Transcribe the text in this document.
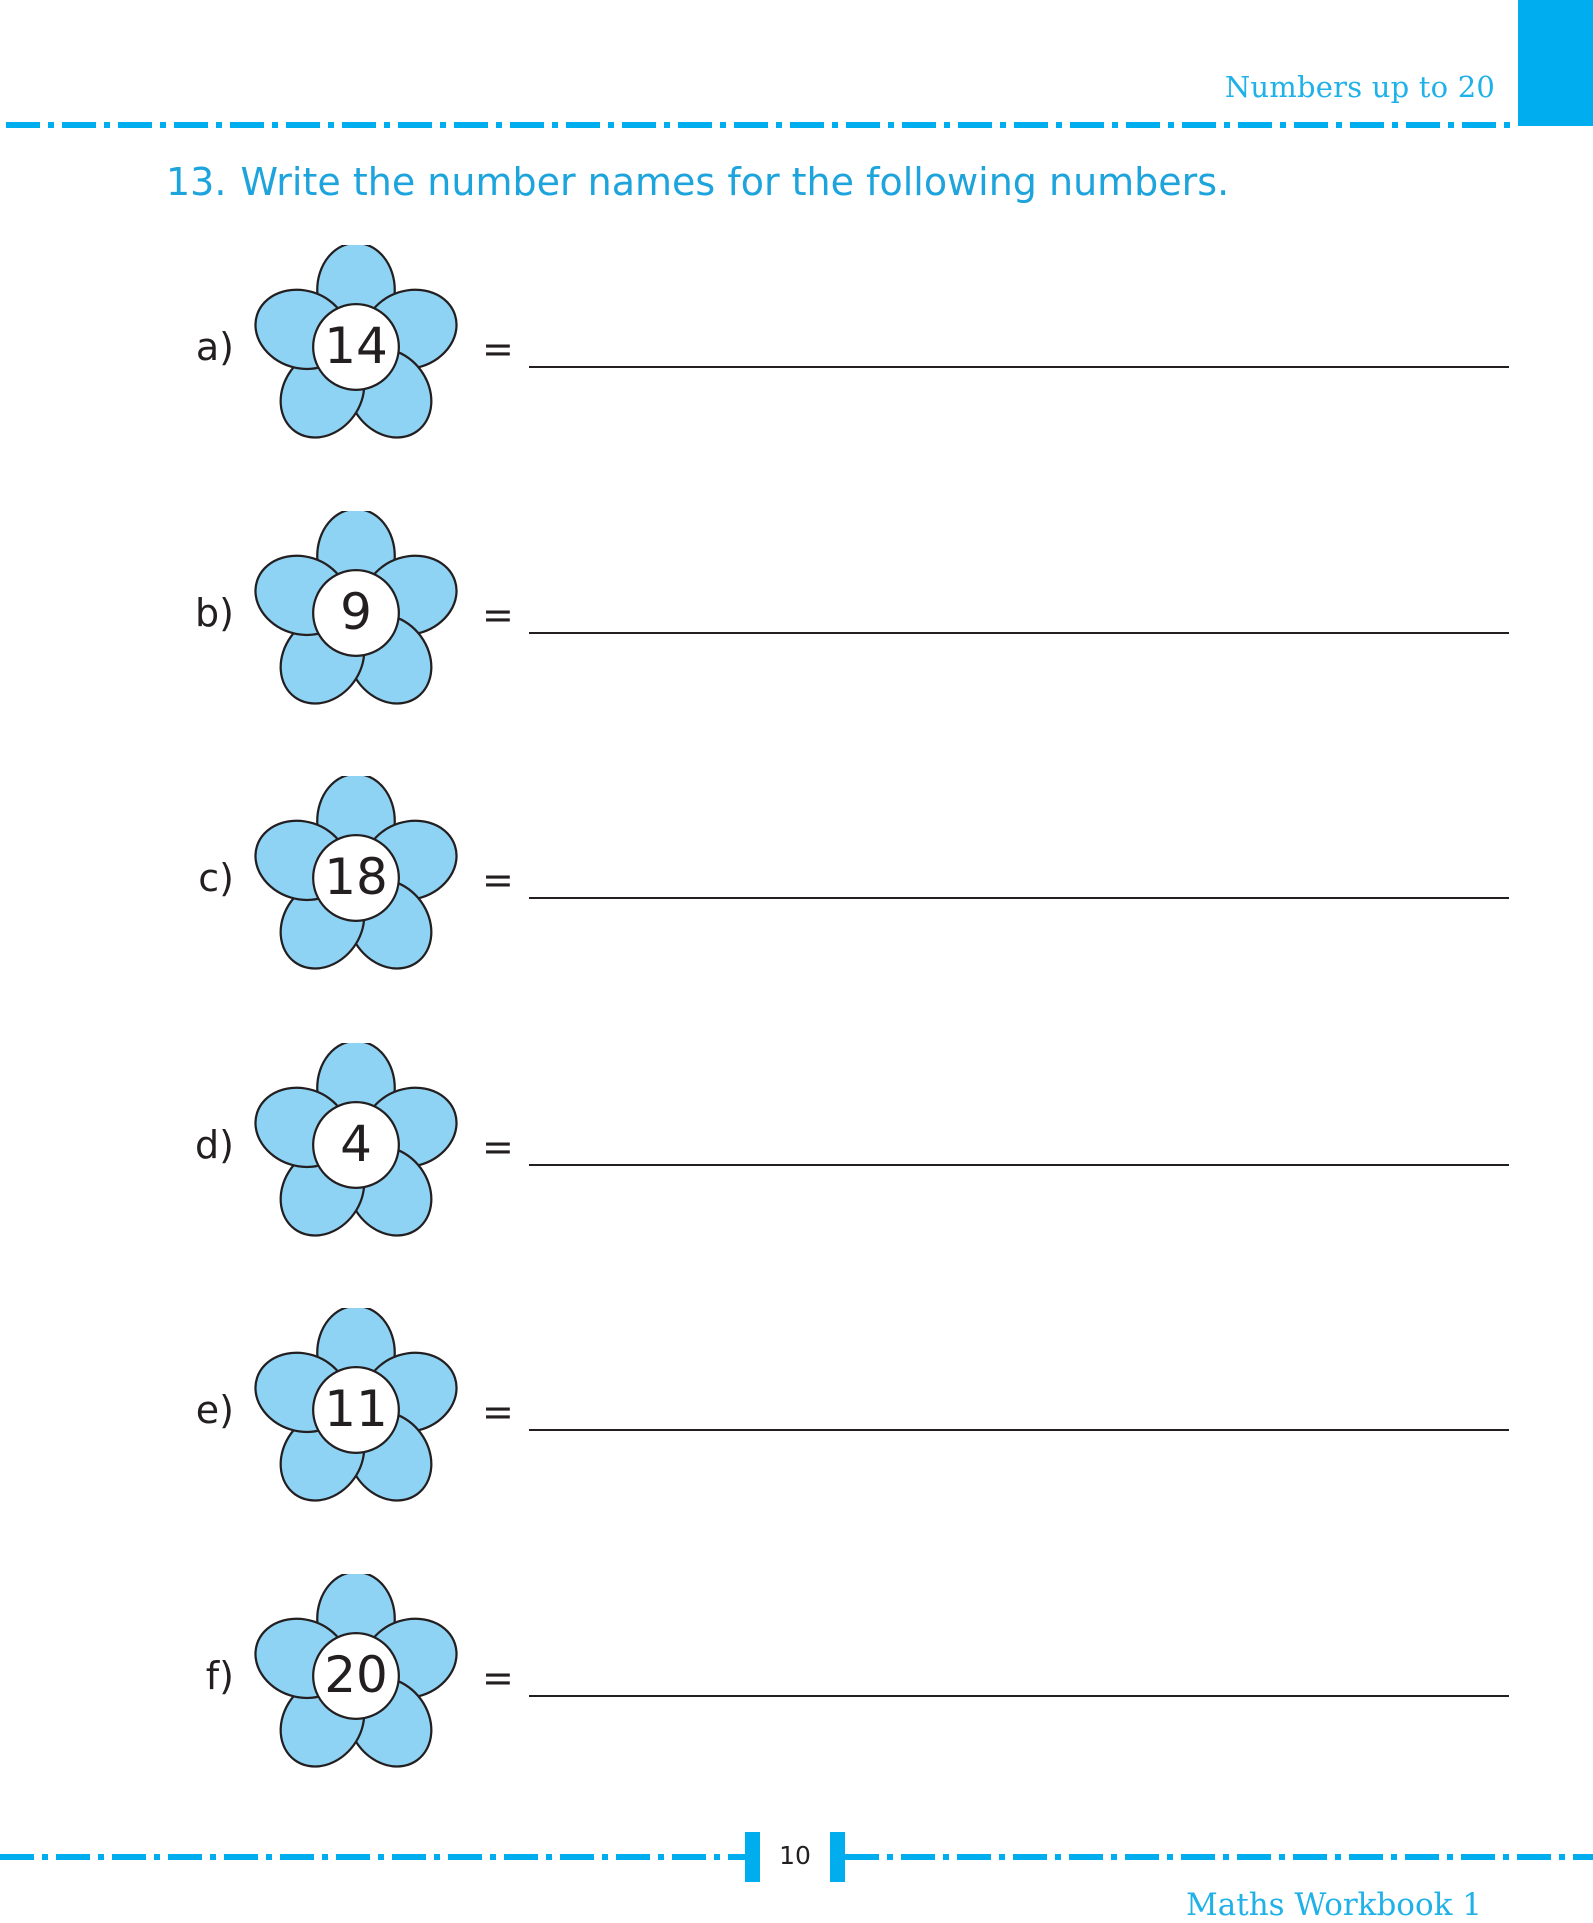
Numbers up to 20
13. Write the number names for the following numbers.
a)	14	=
b)	9	=
c)	18	=
d)	4	=
e)	11	=
f)	20	=
10
Maths Workbook 1
